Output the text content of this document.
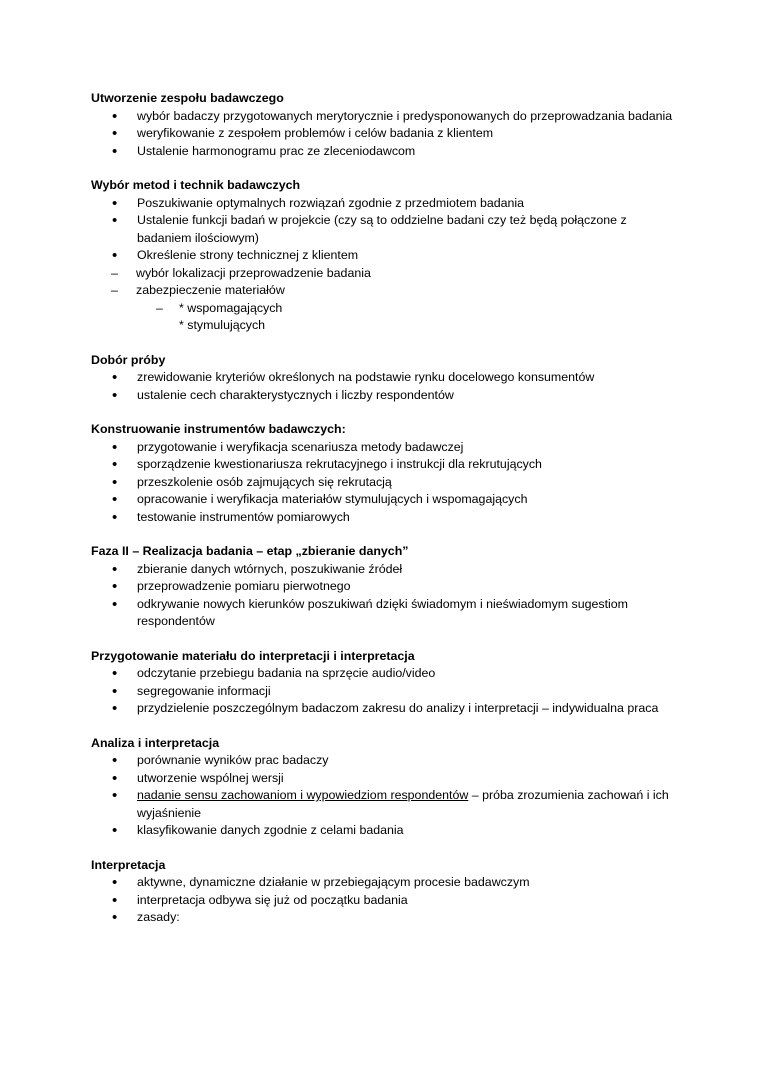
Utworzenie zespołu badawczego

• wybór badaczy przygotowanych merytorycznie i predysponowanych do przeprowadzania badania
• weryfikowanie z zespołem problemów i celów badania z klientem
• Ustalenie harmonogramu prac ze zleceniodawcom

Wybór metod i technik badawczych

• Poszukiwanie optymalnych rozwiązań zgodnie z przedmiotem badania
• Ustalenie funkcji badań w projekcie (czy są to oddzielne badani czy też będą połączone z badaniem ilościowym)
• Określenie strony technicznej z klientem
– wybór lokalizacji przeprowadzenie badania
– zabezpieczenie materiałów
– * wspomagających
* stymulujących

Dobór próby

• zrewidowanie kryteriów określonych na podstawie rynku docelowego konsumentów
• ustalenie cech charakterystycznych i liczby respondentów

Konstruowanie instrumentów badawczych:

• przygotowanie i weryfikacja scenariusza metody badawczej
• sporządzenie kwestionariusza rekrutacyjnego i instrukcji dla rekrutujących
• przeszkolenie osób zajmujących się rekrutacją
• opracowanie i weryfikacja materiałów stymulujących i wspomagających
• testowanie instrumentów pomiarowych

Faza II – Realizacja badania – etap „zbieranie danych”

• zbieranie danych wtórnych, poszukiwanie źródeł
• przeprowadzenie pomiaru pierwotnego
• odkrywanie nowych kierunków poszukiwań dzięki świadomym i nieświadomym sugestiom respondentów

Przygotowanie materiału do interpretacji i interpretacja

• odczytanie przebiegu badania na sprzęcie audio/video
• segregowanie informacji
• przydzielenie poszczególnym badaczom zakresu do analizy i interpretacji – indywidualna praca

Analiza i interpretacja

• porównanie wyników prac badaczy
• utworzenie wspólnej wersji
• nadanie sensu zachowaniom i wypowiedziom respondentów – próba zrozumienia zachowań i ich wyjaśnienie
• klasyfikowanie danych zgodnie z celami badania

Interpretacja

• aktywne, dynamiczne działanie w przebiegającym procesie badawczym
• interpretacja odbywa się już od początku badania
• zasady:
